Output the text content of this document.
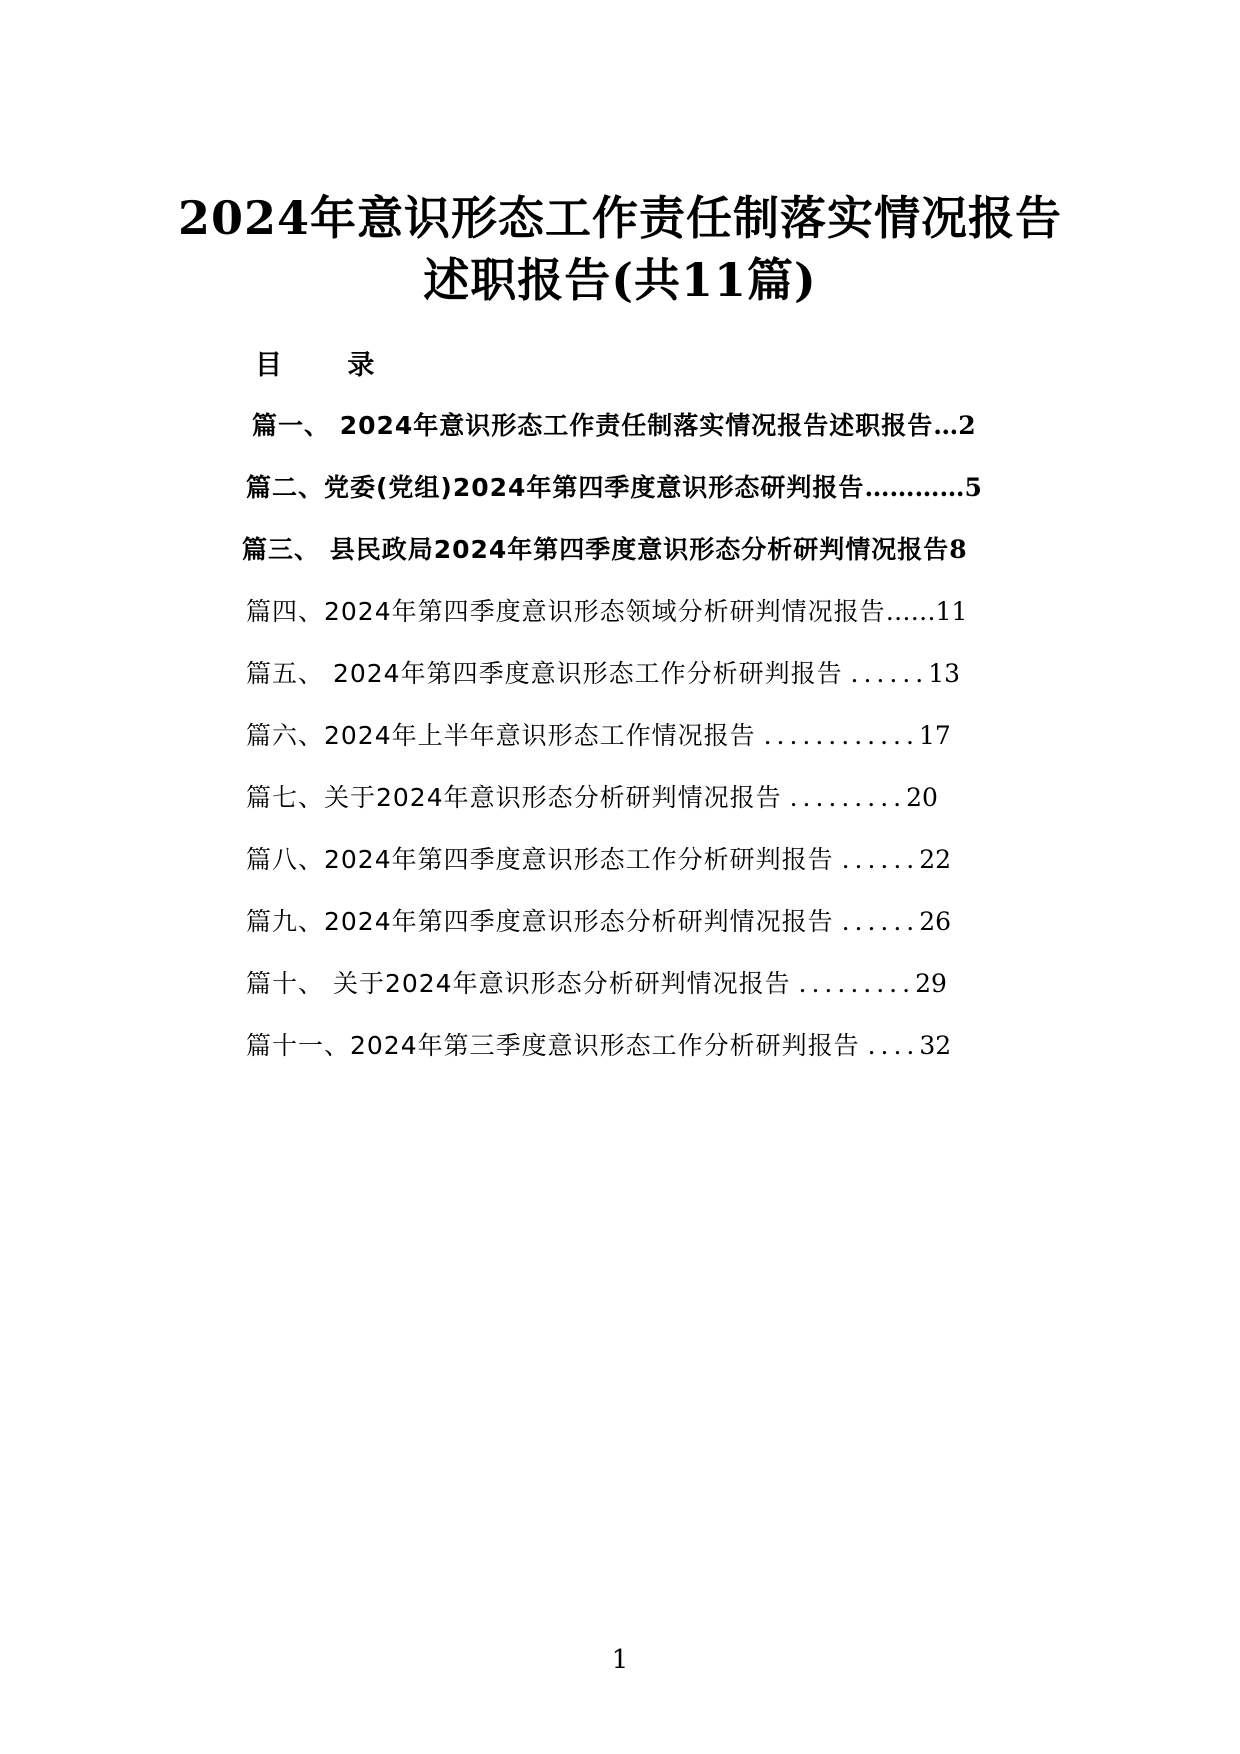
2024年意识形态工作责任制落实情况报告
述职报告(共11篇)
目 录
篇一、 2024年意识形态工作责任制落实情况报告述职报告…2
篇二、党委(党组)2024年第四季度意识形态研判报告…………5
篇三、 县民政局2024年第四季度意识形态分析研判情况报告8
篇四、2024年第四季度意识形态领域分析研判情况报告……11
篇五、 2024年第四季度意识形态工作分析研判报告 ......13
篇六、2024年上半年意识形态工作情况报告 ............17
篇七、关于2024年意识形态分析研判情况报告 .........20
篇八、2024年第四季度意识形态工作分析研判报告 ......22
篇九、2024年第四季度意识形态分析研判情况报告 ......26
篇十、 关于2024年意识形态分析研判情况报告 .........29
篇十一、2024年第三季度意识形态工作分析研判报告 ....32

1
